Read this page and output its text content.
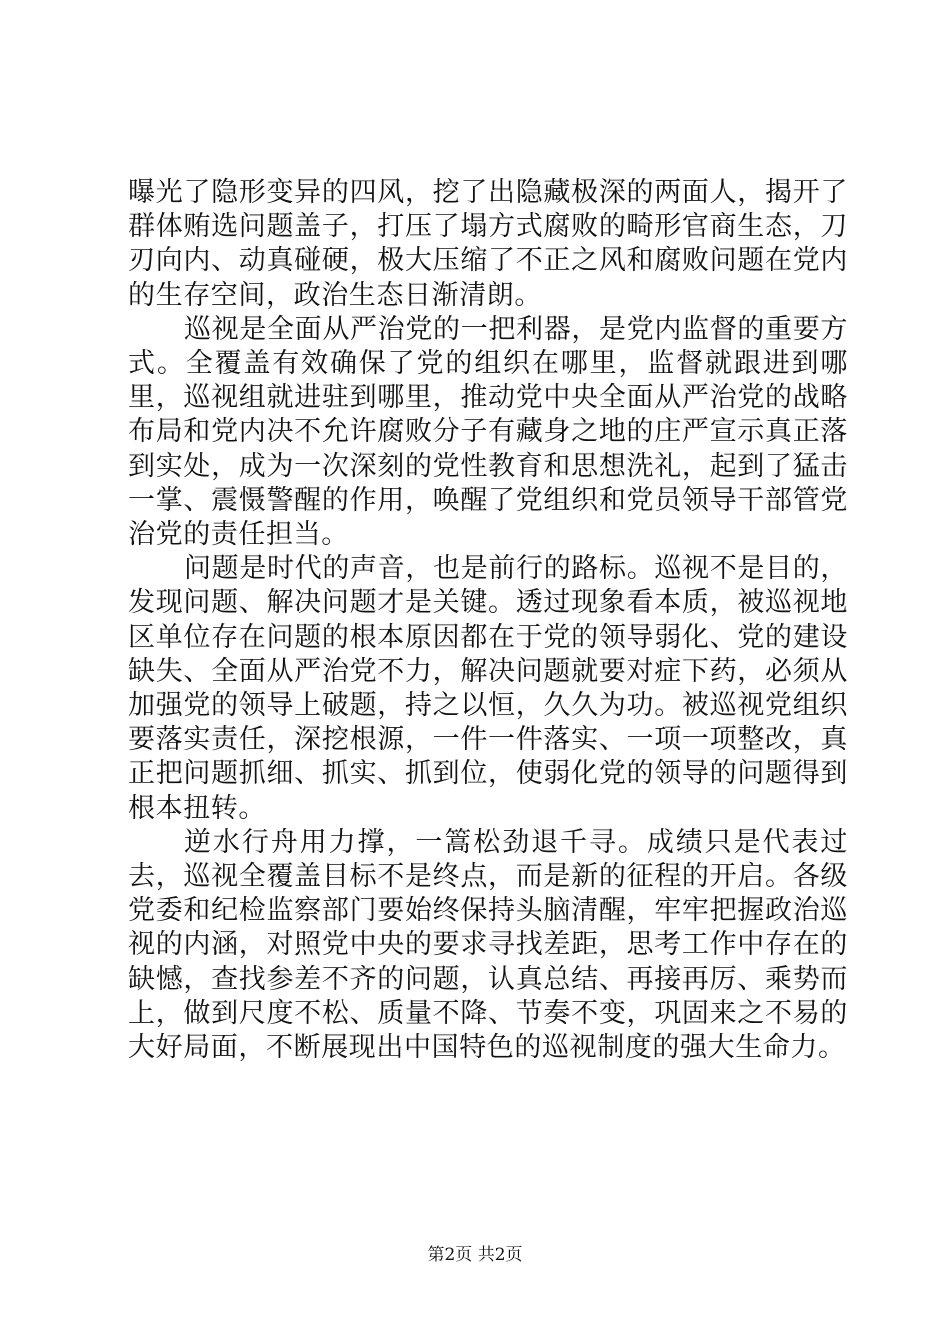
曝光了隐形变异的四风，挖了出隐藏极深的两面人，揭开了群体贿选问题盖子，打压了塌方式腐败的畸形官商生态，刀刃向内、动真碰硬，极大压缩了不正之风和腐败问题在党内的生存空间，政治生态日渐清朗。

巡视是全面从严治党的一把利器，是党内监督的重要方式。全覆盖有效确保了党的组织在哪里，监督就跟进到哪里，巡视组就进驻到哪里，推动党中央全面从严治党的战略布局和党内决不允许腐败分子有藏身之地的庄严宣示真正落到实处，成为一次深刻的党性教育和思想洗礼，起到了猛击一掌、震慑警醒的作用，唤醒了党组织和党员领导干部管党治党的责任担当。

问题是时代的声音，也是前行的路标。巡视不是目的，发现问题、解决问题才是关键。透过现象看本质，被巡视地区单位存在问题的根本原因都在于党的领导弱化、党的建设缺失、全面从严治党不力，解决问题就要对症下药，必须从加强党的领导上破题，持之以恒，久久为功。被巡视党组织要落实责任，深挖根源，一件一件落实、一项一项整改，真正把问题抓细、抓实、抓到位，使弱化党的领导的问题得到根本扭转。

逆水行舟用力撑，一篙松劲退千寻。成绩只是代表过去，巡视全覆盖目标不是终点，而是新的征程的开启。各级党委和纪检监察部门要始终保持头脑清醒，牢牢把握政治巡视的内涵，对照党中央的要求寻找差距，思考工作中存在的缺憾，查找参差不齐的问题，认真总结、再接再厉、乘势而上，做到尺度不松、质量不降、节奏不变，巩固来之不易的大好局面，不断展现出中国特色的巡视制度的强大生命力。

第2页 共2页
